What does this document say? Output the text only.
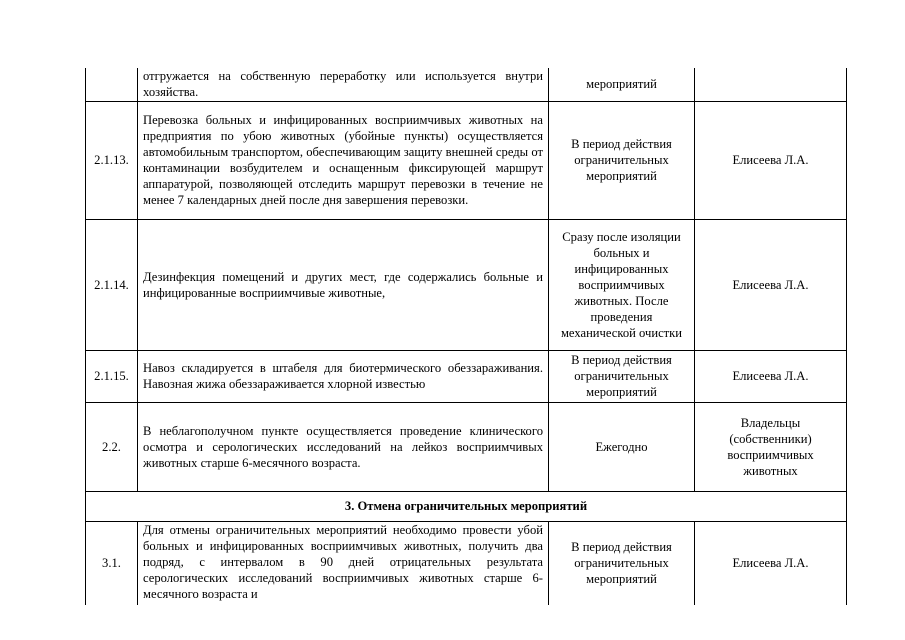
	отгружается на собственную переработку или используется внутри хозяйства.	мероприятий	
2.1.13.	Перевозка больных и инфицированных восприимчивых животных на предприятия по убою животных (убойные пункты) осуществляется автомобильным транспортом, обеспечивающим защиту внешней среды от контаминации возбудителем и оснащенным фиксирующей маршрут аппаратурой, позволяющей отследить маршрут перевозки в течение не менее 7 календарных дней после дня завершения перевозки.	В период действия ограничительных мероприятий	Елисеева Л.А.
2.1.14.	Дезинфекция помещений и других мест, где содержались больные и инфицированные восприимчивые животные,	Сразу после изоляции больных и инфицированных восприимчивых животных. После проведения механической очистки	Елисеева Л.А.
2.1.15.	Навоз складируется в штабеля для биотермического обеззараживания. Навозная жижа обеззараживается хлорной известью	В период действия ограничительных мероприятий	Елисеева Л.А.
2.2.	В неблагополучном пункте осуществляется проведение клинического осмотра и серологических исследований на лейкоз восприимчивых животных старше 6-месячного возраста.	Ежегодно	Владельцы (собственники) восприимчивых животных
3. Отмена ограничительных мероприятий			
3.1.	Для отмены ограничительных мероприятий необходимо провести убой больных и инфицированных восприимчивых животных, получить два подряд, с интервалом в 90 дней отрицательных результата серологических исследований восприимчивых животных старше 6-месячного возраста и	В период действия ограничительных мероприятий	Елисеева Л.А.
